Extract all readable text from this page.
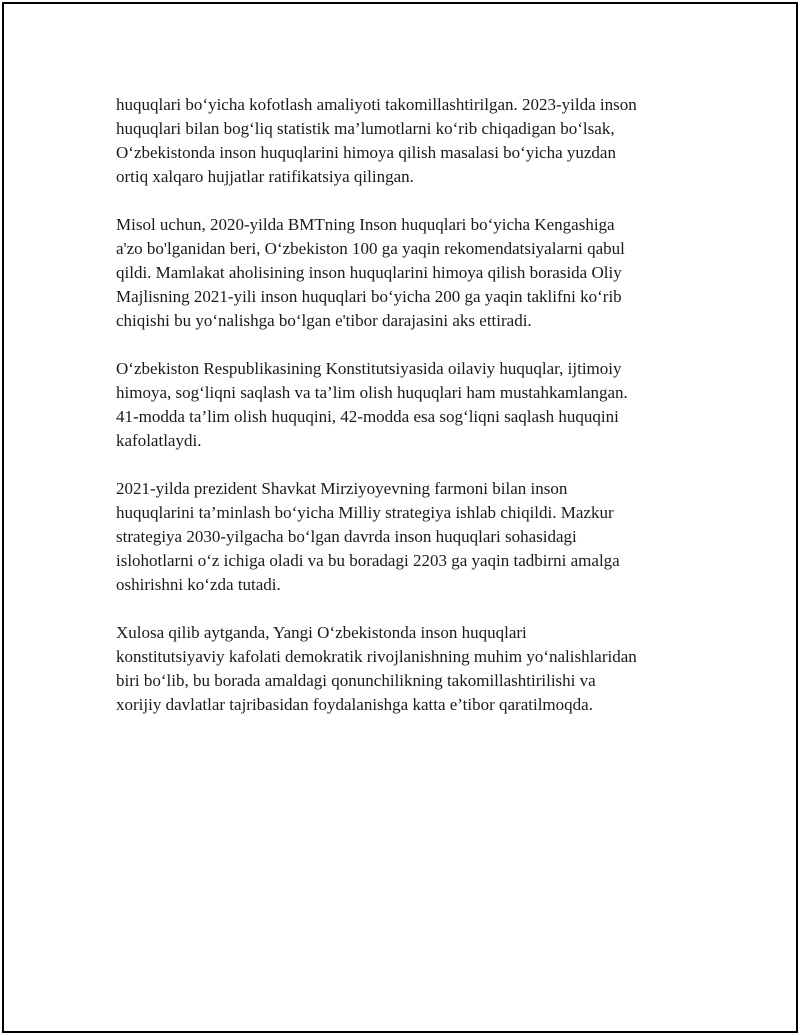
huquqlari bo‘yicha kofotlash amaliyoti takomillashtirilgan. 2023-yilda inson
huquqlari bilan bog‘liq statistik ma’lumotlarni ko‘rib chiqadigan bo‘lsak,
O‘zbekistonda inson huquqlarini himoya qilish masalasi bo‘yicha yuzdan
ortiq xalqaro hujjatlar ratifikatsiya qilingan.

Misol uchun, 2020-yilda BMTning Inson huquqlari bo‘yicha Kengashiga
a'zo bo'lganidan beri, O‘zbekiston 100 ga yaqin rekomendatsiyalarni qabul
qildi. Mamlakat aholisining inson huquqlarini himoya qilish borasida Oliy
Majlisning 2021-yili inson huquqlari bo‘yicha 200 ga yaqin taklifni ko‘rib
chiqishi bu yo‘nalishga bo‘lgan e'tibor darajasini aks ettiradi.

O‘zbekiston Respublikasining Konstitutsiyasida oilaviy huquqlar, ijtimoiy
himoya, sog‘liqni saqlash va ta’lim olish huquqlari ham mustahkamlangan.
41-modda ta’lim olish huquqini, 42-modda esa sog‘liqni saqlash huquqini
kafolatlaydi.

2021-yilda prezident Shavkat Mirziyoyevning farmoni bilan inson
huquqlarini ta’minlash bo‘yicha Milliy strategiya ishlab chiqildi. Mazkur
strategiya 2030-yilgacha bo‘lgan davrda inson huquqlari sohasidagi
islohotlarni o‘z ichiga oladi va bu boradagi 2203 ga yaqin tadbirni amalga
oshirishni ko‘zda tutadi.

Xulosa qilib aytganda, Yangi O‘zbekistonda inson huquqlari
konstitutsiyaviy kafolati demokratik rivojlanishning muhim yo‘nalishlaridan
biri bo‘lib, bu borada amaldagi qonunchilikning takomillashtirilishi va
xorijiy davlatlar tajribasidan foydalanishga katta e’tibor qaratilmoqda.
